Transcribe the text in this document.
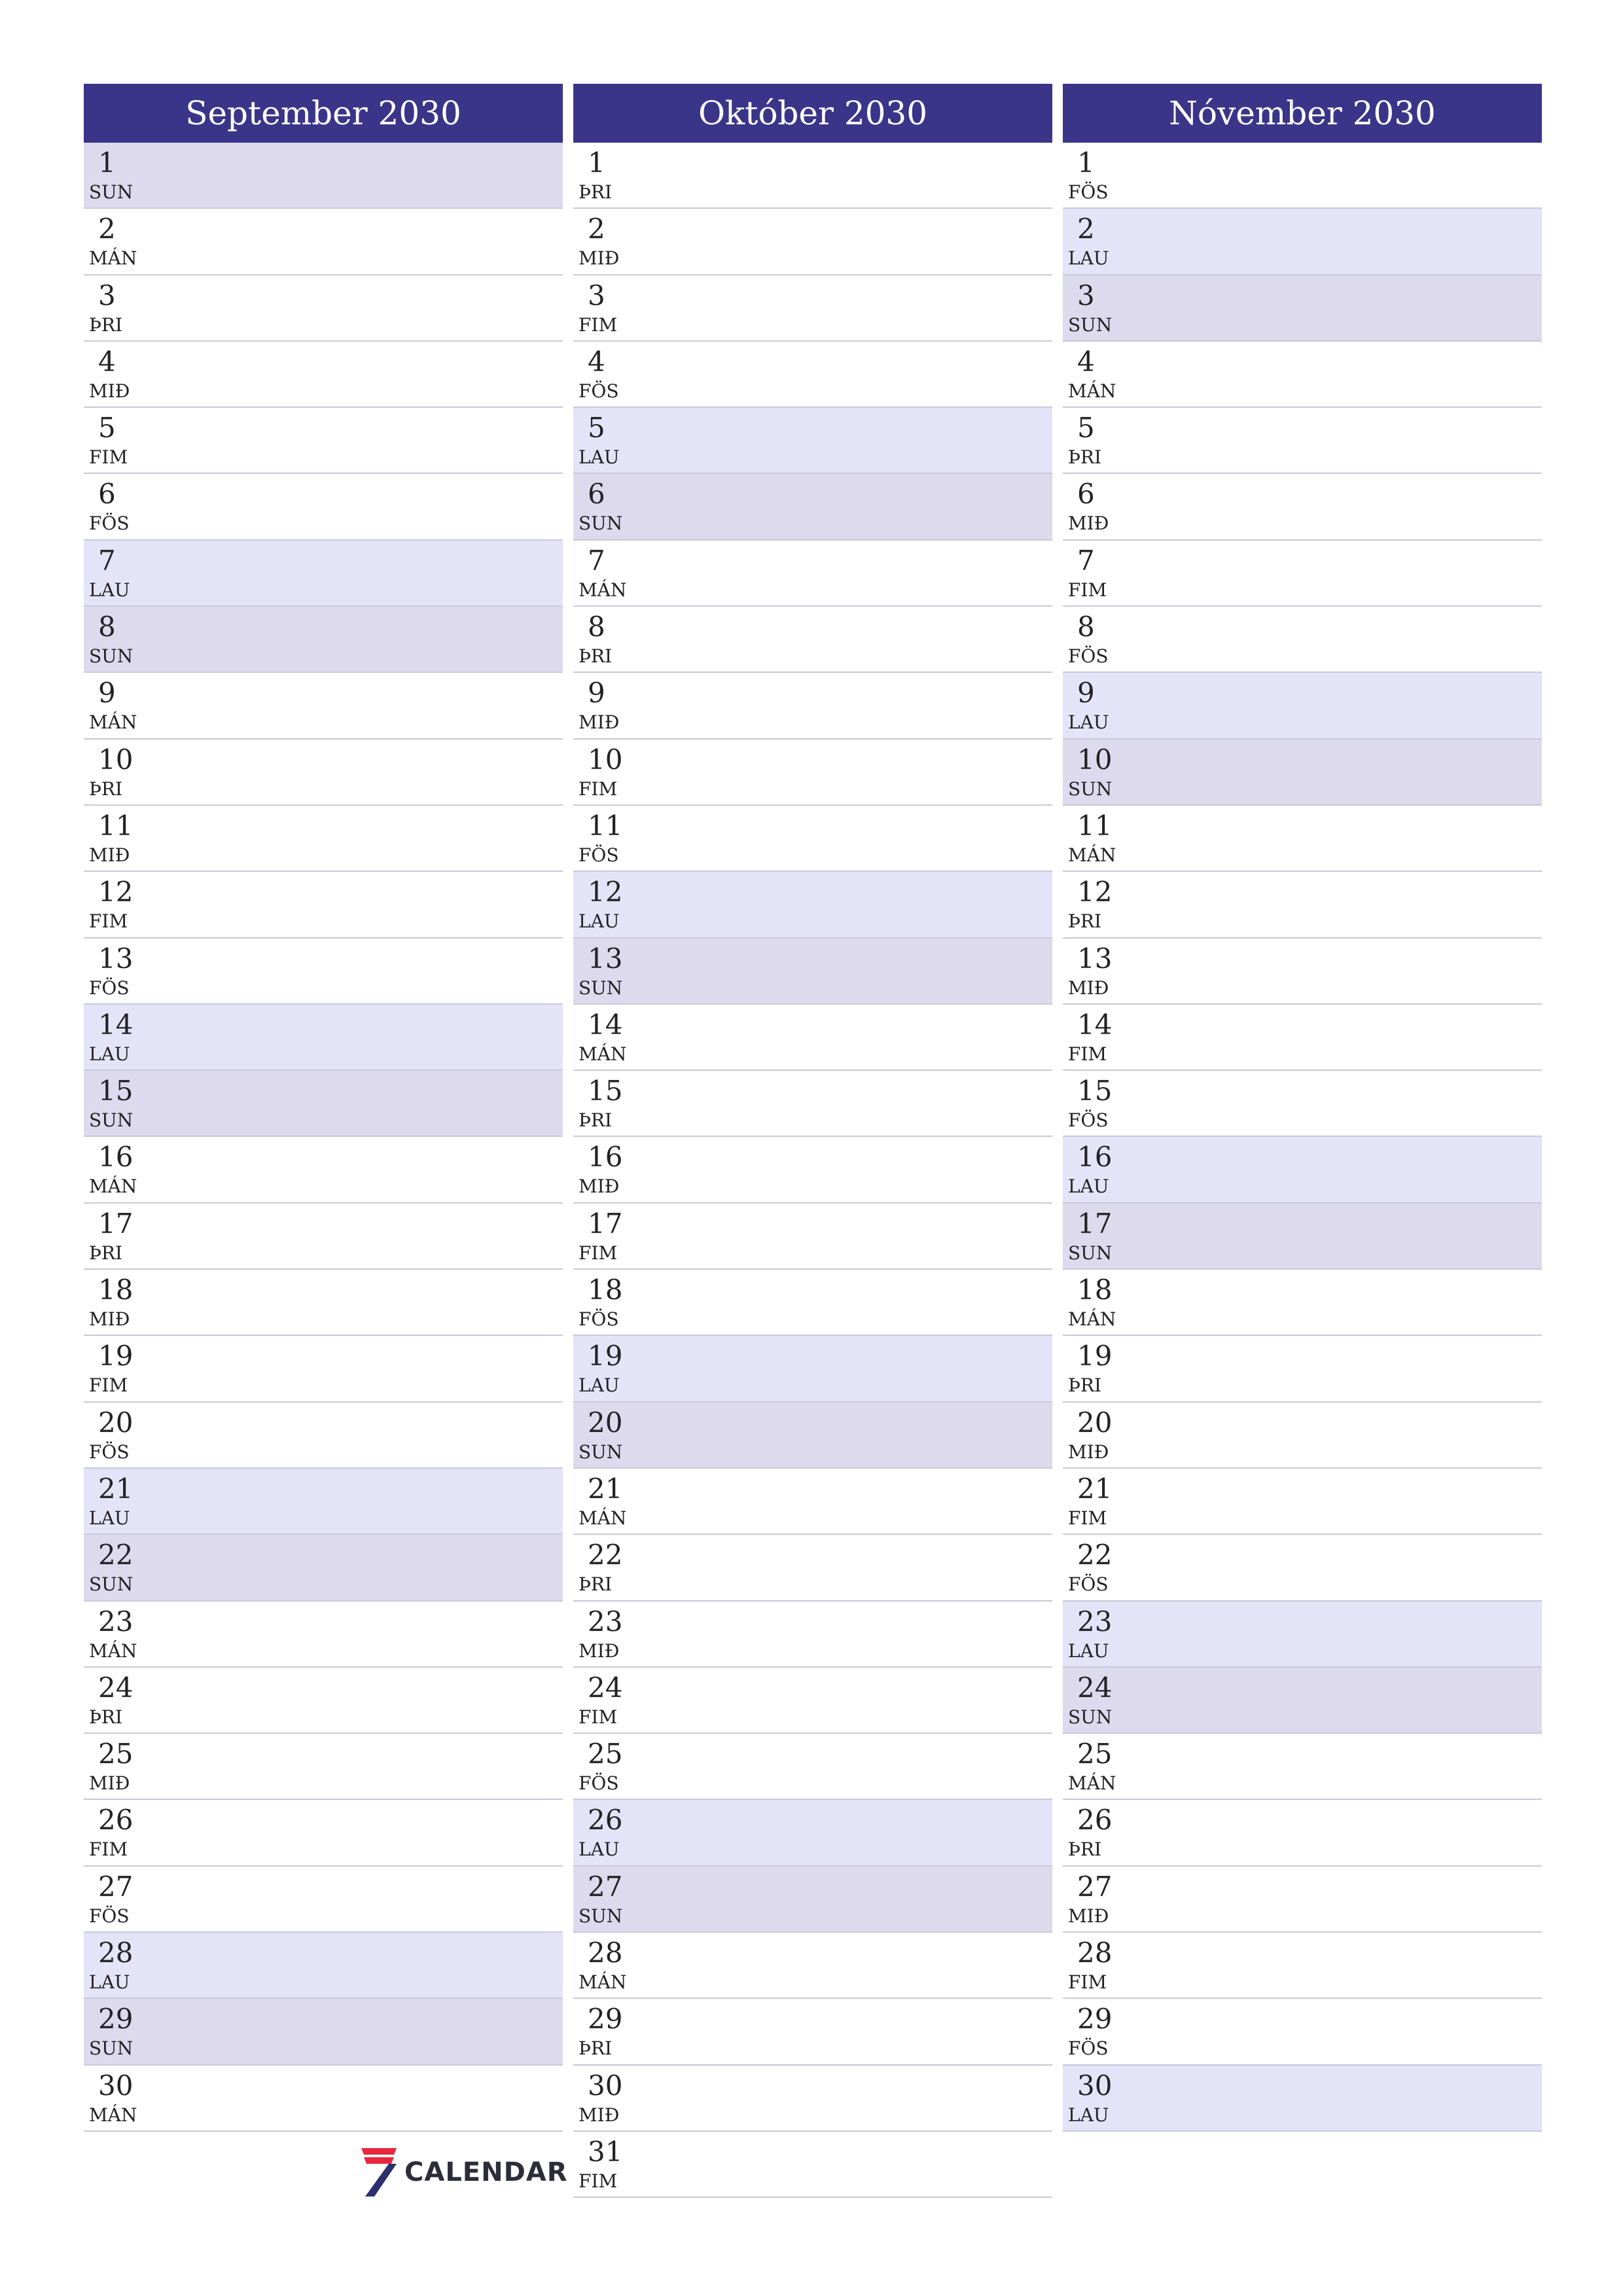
September 2030
1
SUN
2
MÁN
3
ÞRI
4
MIÐ
5
FIM
6
FÖS
7
LAU
8
SUN
9
MÁN
10
ÞRI
11
MIÐ
12
FIM
13
FÖS
14
LAU
15
SUN
16
MÁN
17
ÞRI
18
MIÐ
19
FIM
20
FÖS
21
LAU
22
SUN
23
MÁN
24
ÞRI
25
MIÐ
26
FIM
27
FÖS
28
LAU
29
SUN
30
MÁN
Október 2030
1
ÞRI
2
MIÐ
3
FIM
4
FÖS
5
LAU
6
SUN
7
MÁN
8
ÞRI
9
MIÐ
10
FIM
11
FÖS
12
LAU
13
SUN
14
MÁN
15
ÞRI
16
MIÐ
17
FIM
18
FÖS
19
LAU
20
SUN
21
MÁN
22
ÞRI
23
MIÐ
24
FIM
25
FÖS
26
LAU
27
SUN
28
MÁN
29
ÞRI
30
MIÐ
31
FIM
Nóvember 2030
1
FÖS
2
LAU
3
SUN
4
MÁN
5
ÞRI
6
MIÐ
7
FIM
8
FÖS
9
LAU
10
SUN
11
MÁN
12
ÞRI
13
MIÐ
14
FIM
15
FÖS
16
LAU
17
SUN
18
MÁN
19
ÞRI
20
MIÐ
21
FIM
22
FÖS
23
LAU
24
SUN
25
MÁN
26
ÞRI
27
MIÐ
28
FIM
29
FÖS
30
LAU
CALENDAR
